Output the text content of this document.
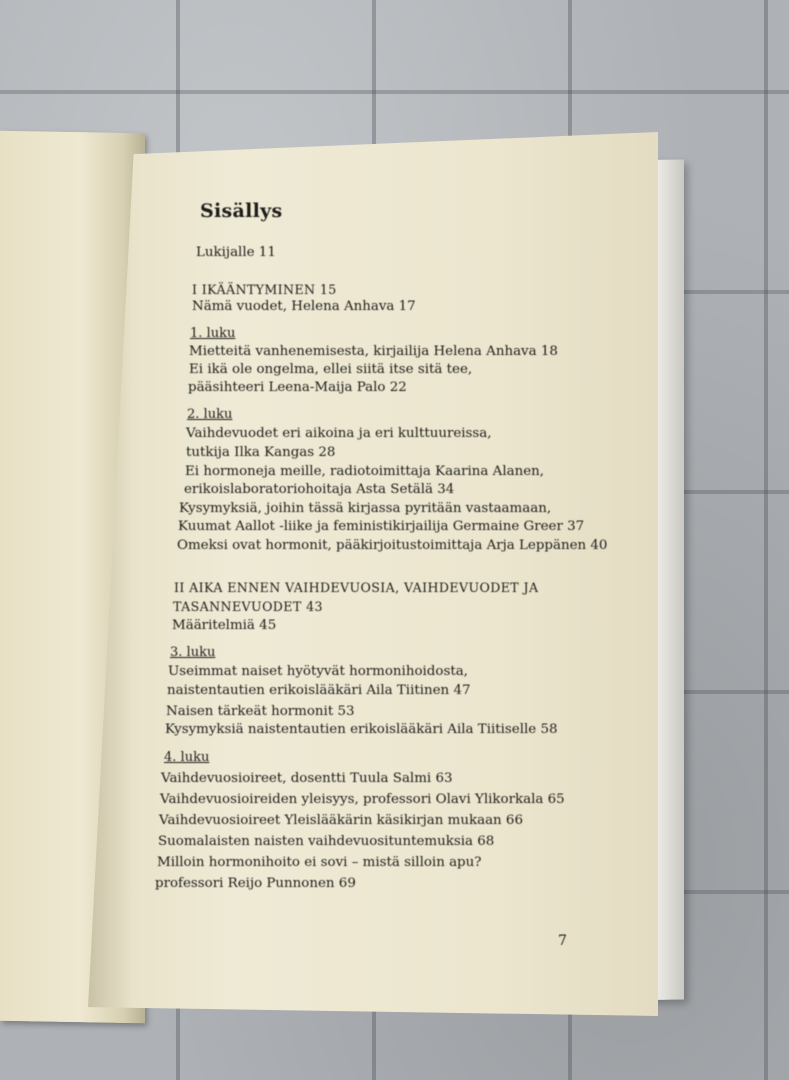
Sisällys
Lukijalle 11
I IKÄÄNTYMINEN 15
Nämä vuodet, Helena Anhava 17
1. luku
Mietteitä vanhenemisesta, kirjailija Helena Anhava 18
Ei ikä ole ongelma, ellei siitä itse sitä tee,
pääsihteeri Leena-Maija Palo 22
2. luku
Vaihdevuodet eri aikoina ja eri kulttuureissa,
tutkija Ilka Kangas 28
Ei hormoneja meille, radiotoimittaja Kaarina Alanen,
erikoislaboratoriohoitaja Asta Setälä 34
Kysymyksiä, joihin tässä kirjassa pyritään vastaamaan,
Kuumat Aallot -liike ja feministikirjailija Germaine Greer 37
Omeksi ovat hormonit, pääkirjoitustoimittaja Arja Leppänen 40
II AIKA ENNEN VAIHDEVUOSIA, VAIHDEVUODET JA
TASANNEVUODET 43
Määritelmiä 45
3. luku
Useimmat naiset hyötyvät hormonihoidosta,
naistentautien erikoislääkäri Aila Tiitinen 47
Naisen tärkeät hormonit 53
Kysymyksiä naistentautien erikoislääkäri Aila Tiitiselle 58
4. luku
Vaihdevuosioireet, dosentti Tuula Salmi 63
Vaihdevuosioireiden yleisyys, professori Olavi Ylikorkala 65
Vaihdevuosioireet Yleislääkärin käsikirjan mukaan 66
Suomalaisten naisten vaihdevuosituntemuksia 68
Milloin hormonihoito ei sovi – mistä silloin apu?
professori Reijo Punnonen 69
7
